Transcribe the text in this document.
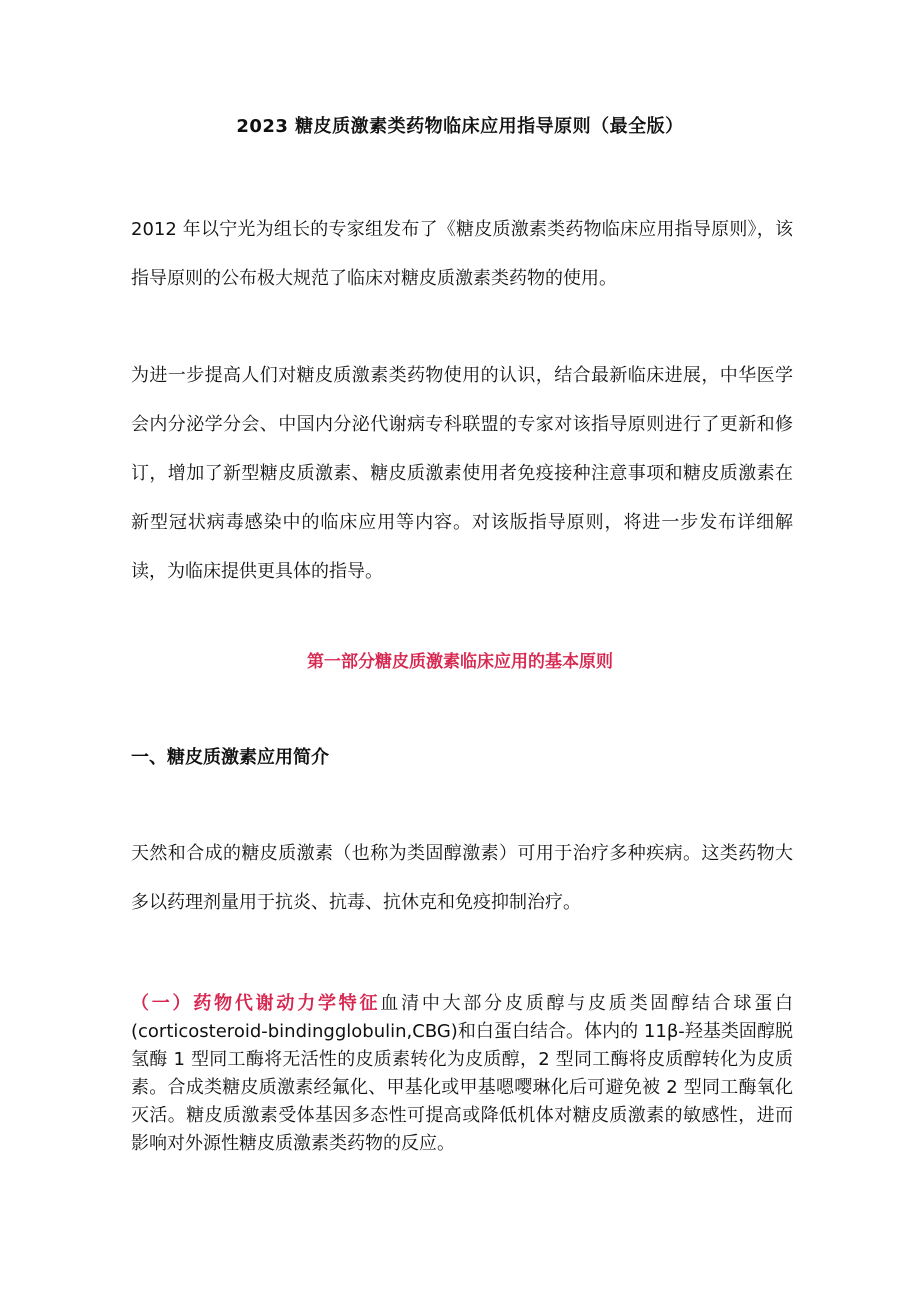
2023 糖皮质激素类药物临床应用指导原则（最全版）

2012 年以宁光为组长的专家组发布了《糖皮质激素类药物临床应用指导原则》，该指导原则的公布极大规范了临床对糖皮质激素类药物的使用。

为进一步提高人们对糖皮质激素类药物使用的认识，结合最新临床进展，中华医学会内分泌学分会、中国内分泌代谢病专科联盟的专家对该指导原则进行了更新和修订，增加了新型糖皮质激素、糖皮质激素使用者免疫接种注意事项和糖皮质激素在新型冠状病毒感染中的临床应用等内容。对该版指导原则，将进一步发布详细解读，为临床提供更具体的指导。

第一部分糖皮质激素临床应用的基本原则
一、糖皮质激素应用简介

天然和合成的糖皮质激素（也称为类固醇激素）可用于治疗多种疾病。这类药物大多以药理剂量用于抗炎、抗毒、抗休克和免疫抑制治疗。

（一）药物代谢动力学特征血清中大部分皮质醇与皮质类固醇结合球蛋白(corticosteroid-bindingglobulin,CBG)和白蛋白结合。体内的 11β-羟基类固醇脱氢酶 1 型同工酶将无活性的皮质素转化为皮质醇，2 型同工酶将皮质醇转化为皮质素。合成类糖皮质激素经氟化、甲基化或甲基嗯嘤琳化后可避免被 2 型同工酶氧化灭活。糖皮质激素受体基因多态性可提高或降低机体对糖皮质激素的敏感性，进而影响对外源性糖皮质激素类药物的反应。
